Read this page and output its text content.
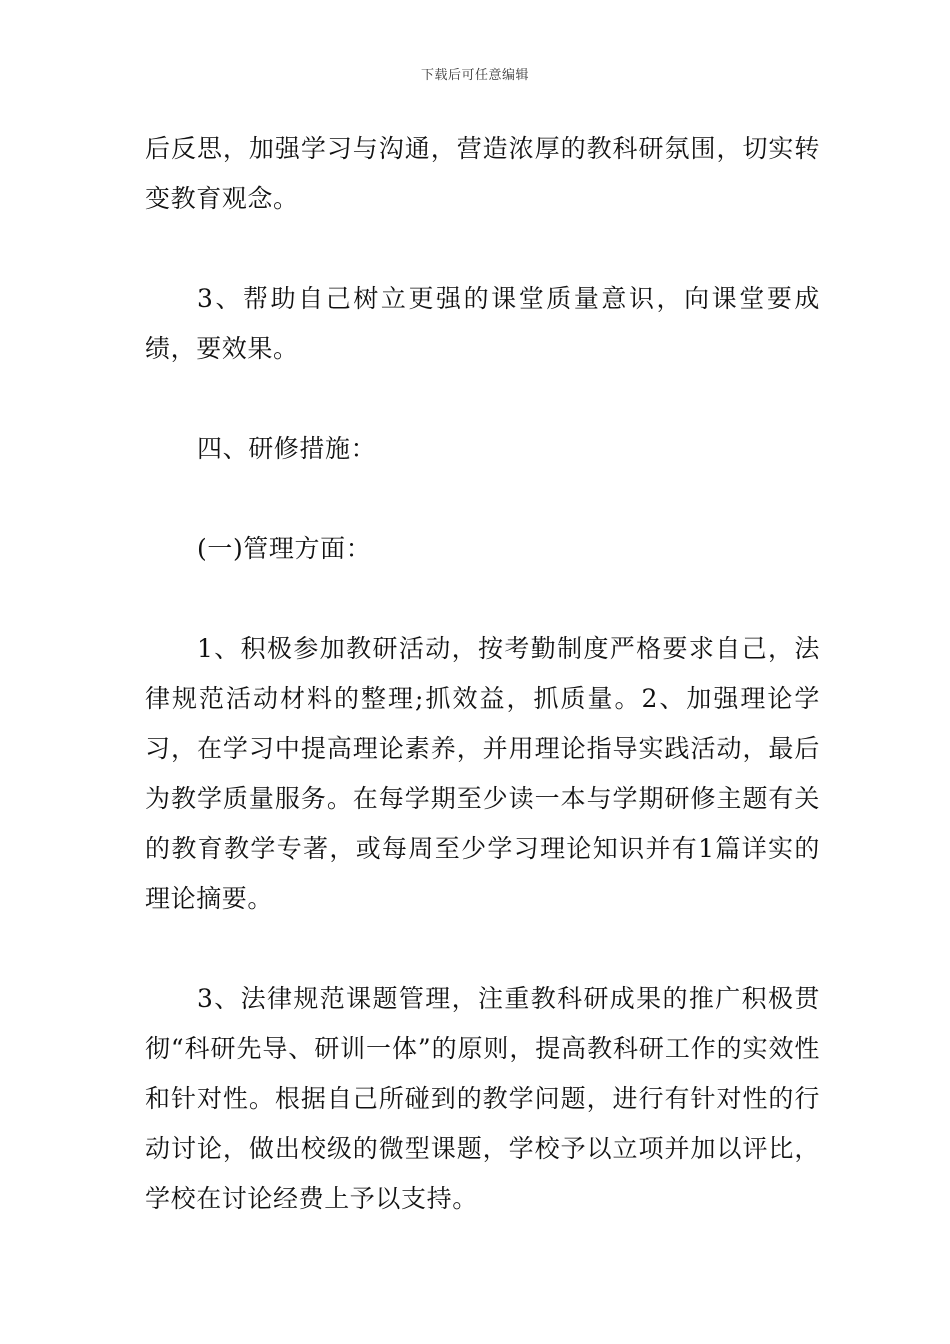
下载后可任意编辑

后反思，加强学习与沟通，营造浓厚的教科研氛围，切实转变教育观念。

3、帮助自己树立更强的课堂质量意识，向课堂要成绩，要效果。

四、研修措施：

(一)管理方面：

1、积极参加教研活动，按考勤制度严格要求自己，法律规范活动材料的整理;抓效益，抓质量。2、加强理论学习，在学习中提高理论素养，并用理论指导实践活动，最后为教学质量服务。在每学期至少读一本与学期研修主题有关的教育教学专著，或每周至少学习理论知识并有1篇详实的理论摘要。

3、法律规范课题管理，注重教科研成果的推广积极贯彻“科研先导、研训一体”的原则，提高教科研工作的实效性和针对性。根据自己所碰到的教学问题，进行有针对性的行动讨论，做出校级的微型课题，学校予以立项并加以评比，学校在讨论经费上予以支持。
